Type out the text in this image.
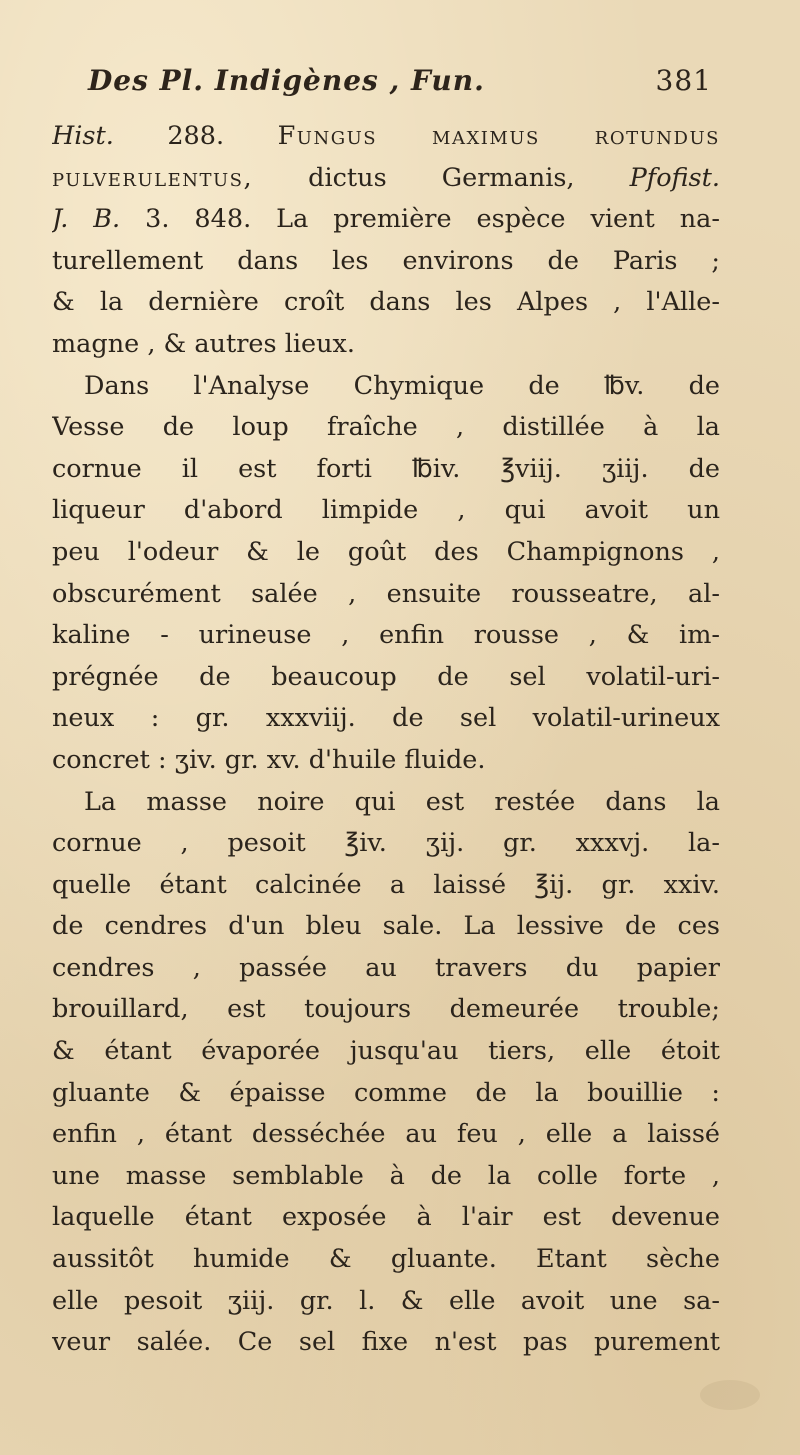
Des Pl. Indigènes , Fun.	381
Hist. 288. Fungus maximus rotundus
pulverulentus, dictus Germanis, Pfofist.
J. B. 3. 848. La première espèce vient na-
turellement dans les environs de Paris ;
& la dernière croît dans les Alpes , l'Alle-
magne , & autres lieux.
Dans l'Analyse Chymique de ℔v. de
Vesse de loup fraîche , distillée à la
cornue il est forti ℔iv. ℥viij. ʒiij. de
liqueur d'abord limpide , qui avoit un
peu l'odeur & le goût des Champignons ,
obscurément salée , ensuite rousseatre, al-
kaline - urineuse , enfin rousse , & im-
prégnée de beaucoup de sel volatil-uri-
neux : gr. xxxviij. de sel volatil-urineux
concret : ʒiv. gr. xv. d'huile fluide.
La masse noire qui est restée dans la
cornue , pesoit ℥iv. ʒij. gr. xxxvj. la-
quelle étant calcinée a laissé ℥ij. gr. xxiv.
de cendres d'un bleu sale. La lessive de ces
cendres , passée au travers du papier
brouillard, est toujours demeurée trouble;
& étant évaporée jusqu'au tiers, elle étoit
gluante & épaisse comme de la bouillie :
enfin , étant desséchée au feu , elle a laissé
une masse semblable à de la colle forte ,
laquelle étant exposée à l'air est devenue
aussitôt humide & gluante. Etant sèche
elle pesoit ʒiij. gr. l. & elle avoit une sa-
veur salée. Ce sel fixe n'est pas purement
